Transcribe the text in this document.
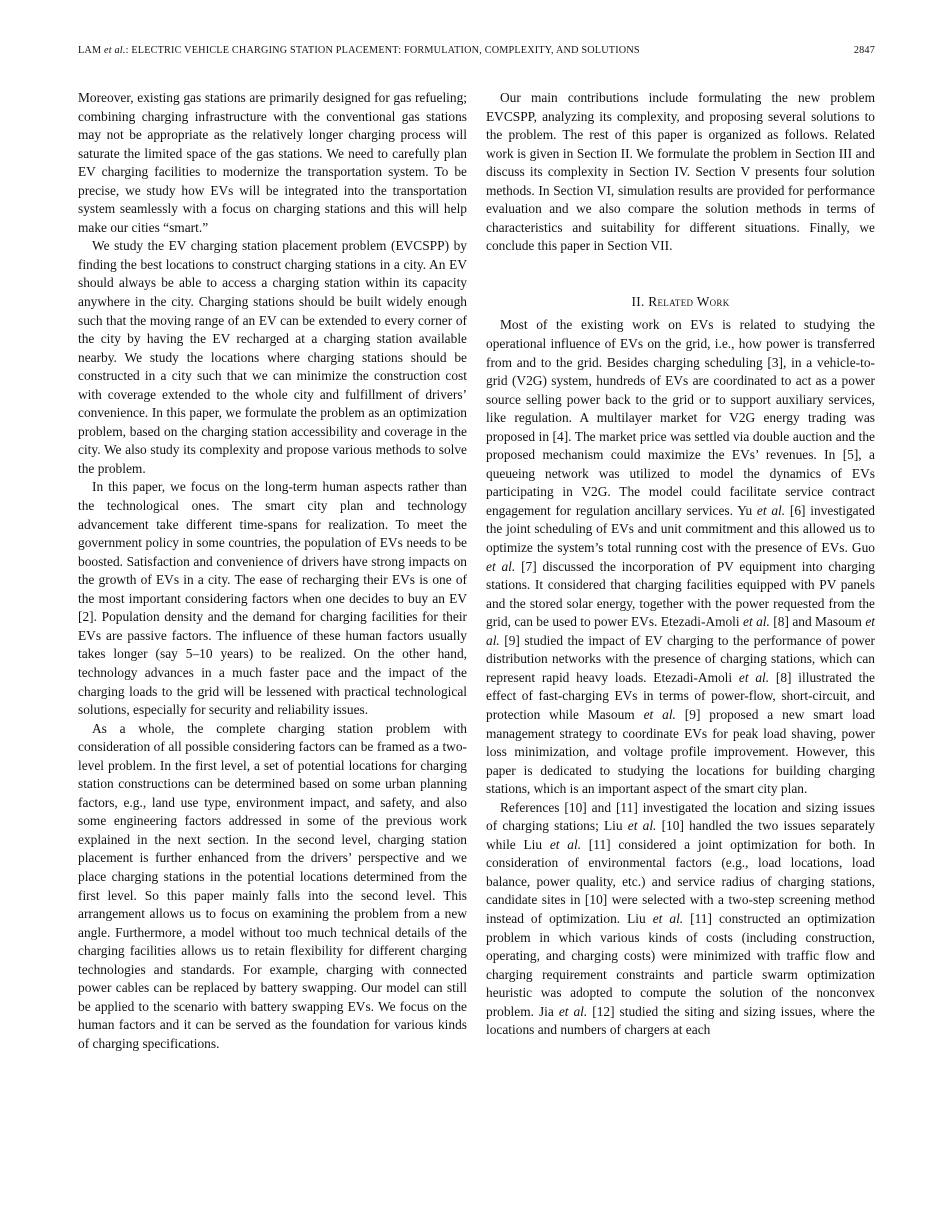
LAM et al.: ELECTRIC VEHICLE CHARGING STATION PLACEMENT: FORMULATION, COMPLEXITY, AND SOLUTIONS	2847

Moreover, existing gas stations are primarily designed for gas refueling; combining charging infrastructure with the conventional gas stations may not be appropriate as the relatively longer charging process will saturate the limited space of the gas stations. We need to carefully plan EV charging facilities to modernize the transportation system. To be precise, we study how EVs will be integrated into the transportation system seamlessly with a focus on charging stations and this will help make our cities “smart.”

We study the EV charging station placement problem (EVCSPP) by finding the best locations to construct charging stations in a city. An EV should always be able to access a charging station within its capacity anywhere in the city. Charging stations should be built widely enough such that the moving range of an EV can be extended to every corner of the city by having the EV recharged at a charging station available nearby. We study the locations where charging stations should be constructed in a city such that we can minimize the construction cost with coverage extended to the whole city and fulfillment of drivers’ convenience. In this paper, we formulate the problem as an optimization problem, based on the charging station accessibility and coverage in the city. We also study its complexity and propose various methods to solve the problem.

In this paper, we focus on the long-term human aspects rather than the technological ones. The smart city plan and technology advancement take different time-spans for realization. To meet the government policy in some countries, the population of EVs needs to be boosted. Satisfaction and convenience of drivers have strong impacts on the growth of EVs in a city. The ease of recharging their EVs is one of the most important considering factors when one decides to buy an EV [2]. Population density and the demand for charging facilities for their EVs are passive factors. The influence of these human factors usually takes longer (say 5–10 years) to be realized. On the other hand, technology advances in a much faster pace and the impact of the charging loads to the grid will be lessened with practical technological solutions, especially for security and reliability issues.

As a whole, the complete charging station problem with consideration of all possible considering factors can be framed as a two-level problem. In the first level, a set of potential locations for charging station constructions can be determined based on some urban planning factors, e.g., land use type, environment impact, and safety, and also some engineering factors addressed in some of the previous work explained in the next section. In the second level, charging station placement is further enhanced from the drivers’ perspective and we place charging stations in the potential locations determined from the first level. So this paper mainly falls into the second level. This arrangement allows us to focus on examining the problem from a new angle. Furthermore, a model without too much technical details of the charging facilities allows us to retain flexibility for different charging technologies and standards. For example, charging with connected power cables can be replaced by battery swapping. Our model can still be applied to the scenario with battery swapping EVs. We focus on the human factors and it can be served as the foundation for various kinds of charging specifications.

Our main contributions include formulating the new problem EVCSPP, analyzing its complexity, and proposing several solutions to the problem. The rest of this paper is organized as follows. Related work is given in Section II. We formulate the problem in Section III and discuss its complexity in Section IV. Section V presents four solution methods. In Section VI, simulation results are provided for performance evaluation and we also compare the solution methods in terms of characteristics and suitability for different situations. Finally, we conclude this paper in Section VII.

II. Related Work

Most of the existing work on EVs is related to studying the operational influence of EVs on the grid, i.e., how power is transferred from and to the grid. Besides charging scheduling [3], in a vehicle-to-grid (V2G) system, hundreds of EVs are coordinated to act as a power source selling power back to the grid or to support auxiliary services, like regulation. A multilayer market for V2G energy trading was proposed in [4]. The market price was settled via double auction and the proposed mechanism could maximize the EVs’ revenues. In [5], a queueing network was utilized to model the dynamics of EVs participating in V2G. The model could facilitate service contract engagement for regulation ancillary services. Yu et al. [6] investigated the joint scheduling of EVs and unit commitment and this allowed us to optimize the system’s total running cost with the presence of EVs. Guo et al. [7] discussed the incorporation of PV equipment into charging stations. It considered that charging facilities equipped with PV panels and the stored solar energy, together with the power requested from the grid, can be used to power EVs. Etezadi-Amoli et al. [8] and Masoum et al. [9] studied the impact of EV charging to the performance of power distribution networks with the presence of charging stations, which can represent rapid heavy loads. Etezadi-Amoli et al. [8] illustrated the effect of fast-charging EVs in terms of power-flow, short-circuit, and protection while Masoum et al. [9] proposed a new smart load management strategy to coordinate EVs for peak load shaving, power loss minimization, and voltage profile improvement. However, this paper is dedicated to studying the locations for building charging stations, which is an important aspect of the smart city plan.

References [10] and [11] investigated the location and sizing issues of charging stations; Liu et al. [10] handled the two issues separately while Liu et al. [11] considered a joint optimization for both. In consideration of environmental factors (e.g., load locations, load balance, power quality, etc.) and service radius of charging stations, candidate sites in [10] were selected with a two-step screening method instead of optimization. Liu et al. [11] constructed an optimization problem in which various kinds of costs (including construction, operating, and charging costs) were minimized with traffic flow and charging requirement constraints and particle swarm optimization heuristic was adopted to compute the solution of the nonconvex problem. Jia et al. [12] studied the siting and sizing issues, where the locations and numbers of chargers at each
